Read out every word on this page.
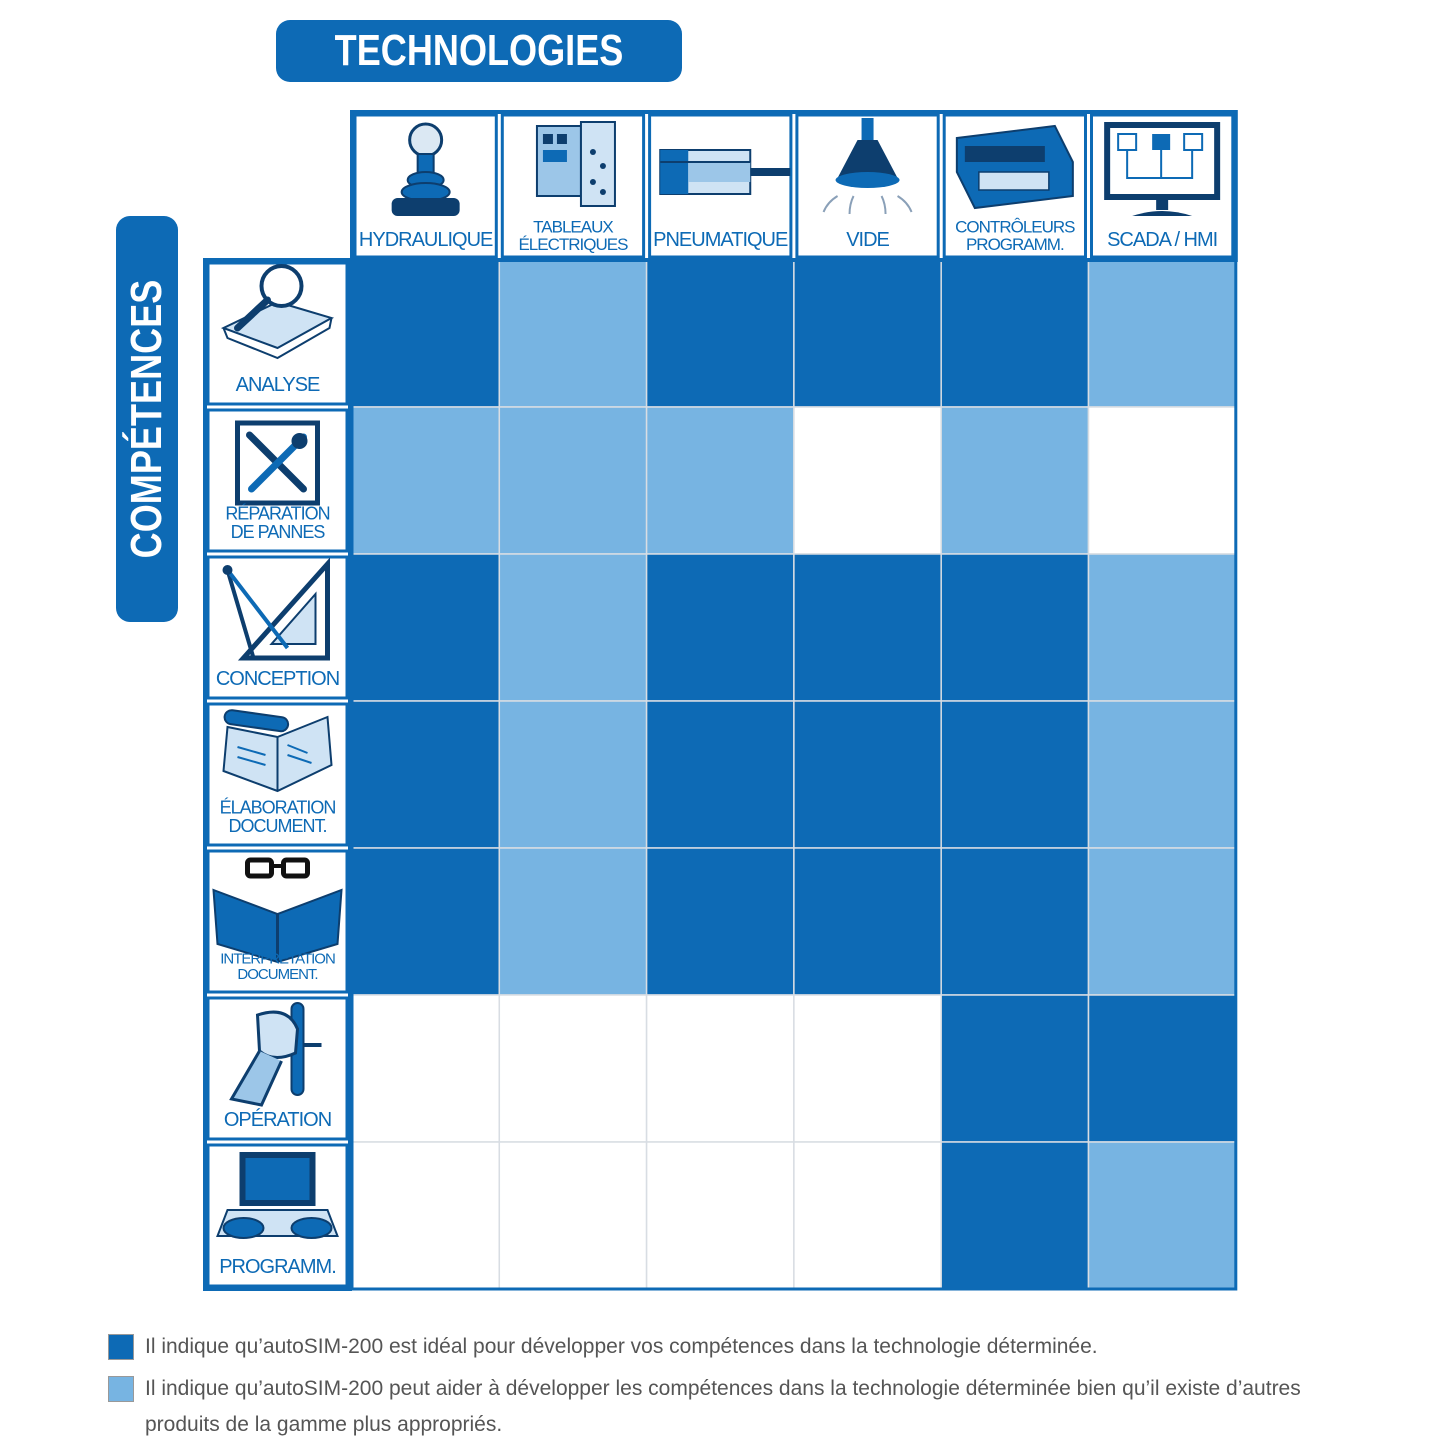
TECHNOLOGIES
COMPÉTENCES
HYDRAULIQUE
TABLEAUX
ÉLECTRIQUES PNEUMATIQUE	VIDE
CONTRÔLEURS
PROGRAMM. SCADA / HMI
ANALYSE
RÉPARATION
DE PANNES
CONCEPTION
ÉLABORATION
DOCUMENT.
INTERPRÉTATION
DOCUMENT.
OPÉRATION
PROGRAMM.
Il indique qu’autoSIM-200 est idéal pour développer vos compétences dans la technologie déterminée.
Il indique qu’autoSIM-200 peut aider à développer les compétences dans la technologie déterminée bien qu’il existe d’autres produits de la gamme plus appropriés.
